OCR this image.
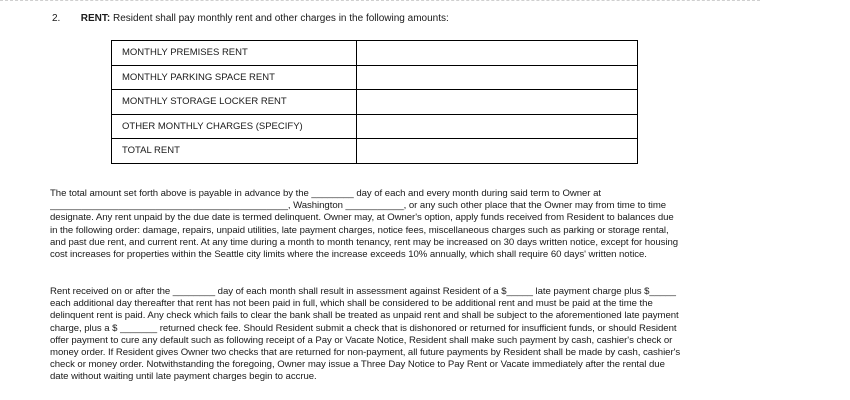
2. RENT: Resident shall pay monthly rent and other charges in the following amounts:
MONTHLY PREMISES RENT	
MONTHLY PARKING SPACE RENT	
MONTHLY STORAGE LOCKER RENT	
OTHER MONTHLY CHARGES (SPECIFY)	
TOTAL RENT	
The total amount set forth above is payable in advance by the ________ day of each and every month during said term to Owner at
_____________________________________________, Washington ___________, or any such other place that the Owner may from time to time
designate. Any rent unpaid by the due date is termed delinquent. Owner may, at Owner's option, apply funds received from Resident to balances due
in the following order: damage, repairs, unpaid utilities, late payment charges, notice fees, miscellaneous charges such as parking or storage rental,
and past due rent, and current rent. At any time during a month to month tenancy, rent may be increased on 30 days written notice, except for housing
cost increases for properties within the Seattle city limits where the increase exceeds 10% annually, which shall require 60 days' written notice.
Rent received on or after the ________ day of each month shall result in assessment against Resident of a $_____ late payment charge plus $_____
each additional day thereafter that rent has not been paid in full, which shall be considered to be additional rent and must be paid at the time the
delinquent rent is paid. Any check which fails to clear the bank shall be treated as unpaid rent and shall be subject to the aforementioned late payment
charge, plus a $ _______ returned check fee. Should Resident submit a check that is dishonored or returned for insufficient funds, or should Resident
offer payment to cure any default such as following receipt of a Pay or Vacate Notice, Resident shall make such payment by cash, cashier's check or
money order. If Resident gives Owner two checks that are returned for non-payment, all future payments by Resident shall be made by cash, cashier's
check or money order. Notwithstanding the foregoing, Owner may issue a Three Day Notice to Pay Rent or Vacate immediately after the rental due
date without waiting until late payment charges begin to accrue.
